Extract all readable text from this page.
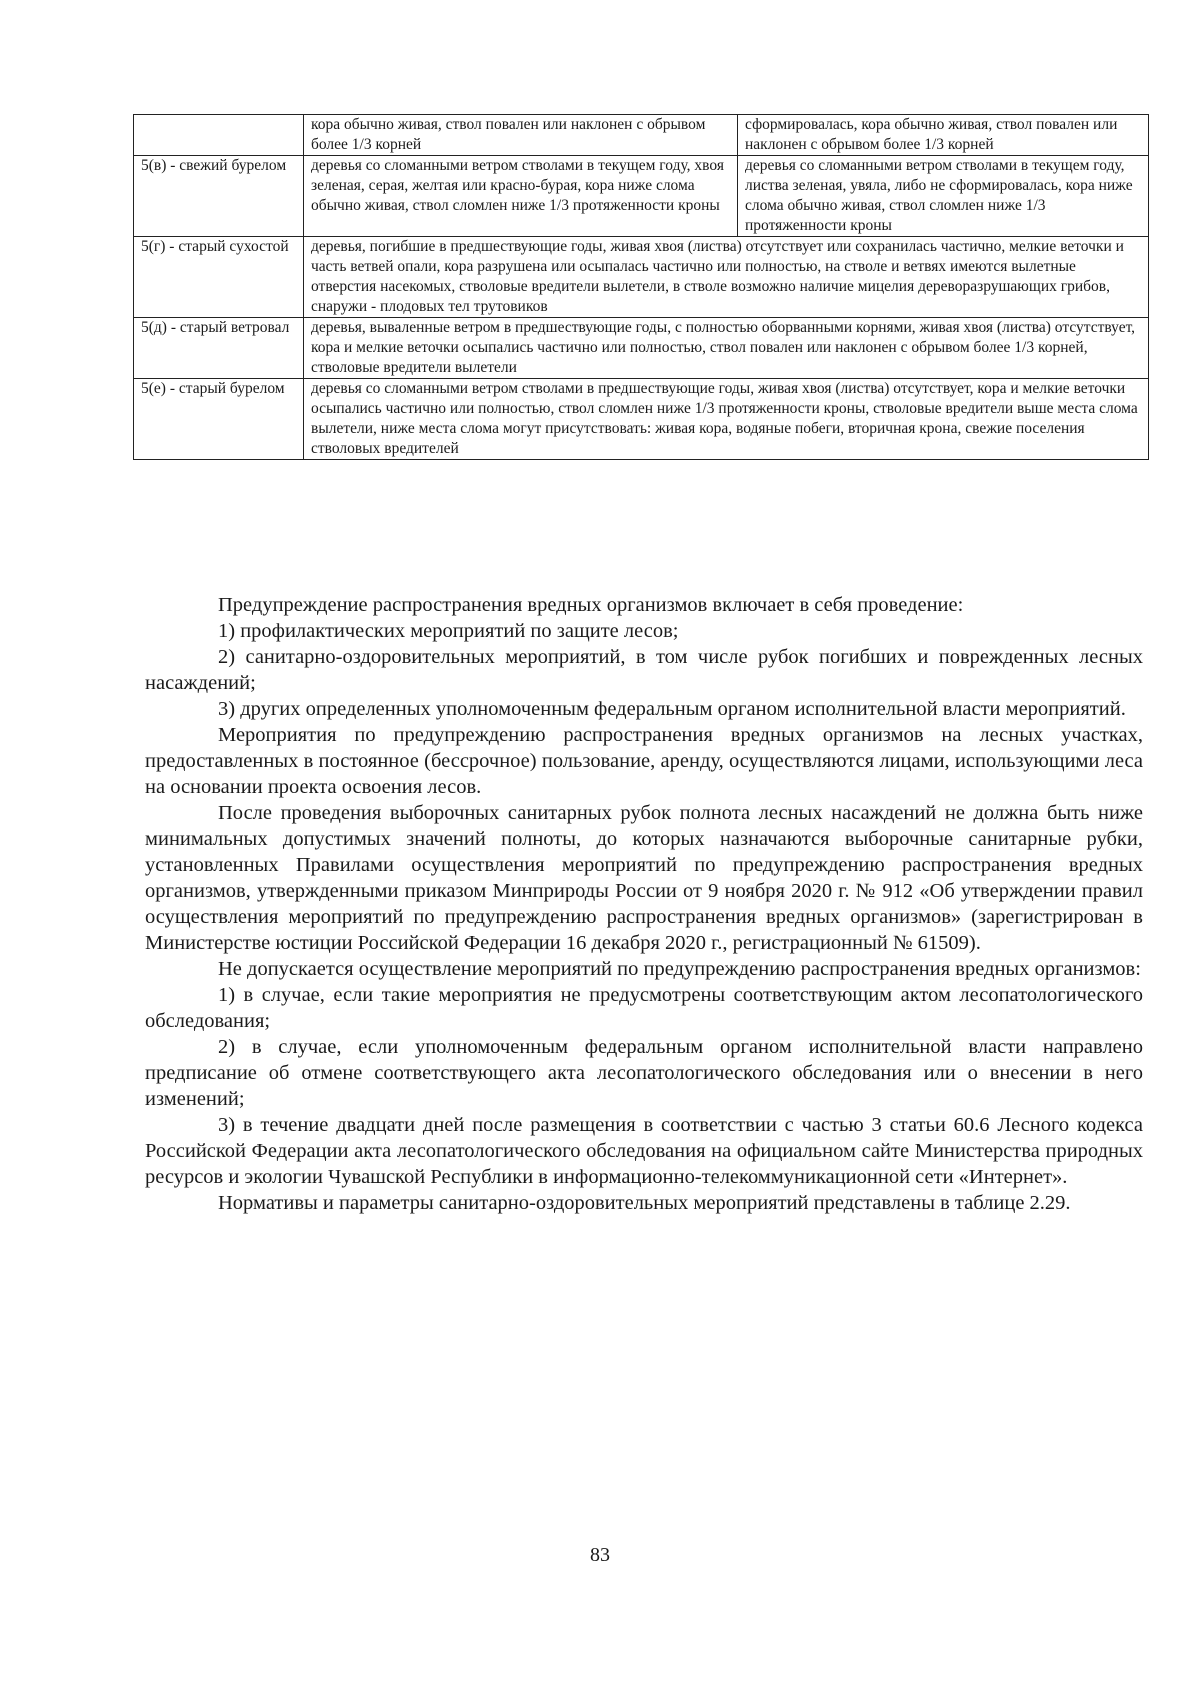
	кора обычно живая, ствол повален или наклонен с обрывом более 1/3 корней	сформировалась, кора обычно живая, ствол повален или наклонен с обрывом более 1/3 корней
5(в) - свежий бурелом	деревья со сломанными ветром стволами в текущем году, хвоя зеленая, серая, желтая или красно-бурая, кора ниже слома обычно живая, ствол сломлен ниже 1/3 протяженности кроны	деревья со сломанными ветром стволами в текущем году, листва зеленая, увяла, либо не сформировалась, кора ниже слома обычно живая, ствол сломлен ниже 1/3 протяженности кроны
5(г) - старый сухостой	деревья, погибшие в предшествующие годы, живая хвоя (листва) отсутствует или сохранилась частично, мелкие веточки и часть ветвей опали, кора разрушена или осыпалась частично или полностью, на стволе и ветвях имеются вылетные отверстия насекомых, стволовые вредители вылетели, в стволе возможно наличие мицелия дереворазрушающих грибов, снаружи - плодовых тел трутовиков	
5(д) - старый ветровал	деревья, вываленные ветром в предшествующие годы, с полностью оборванными корнями, живая хвоя (листва) отсутствует, кора и мелкие веточки осыпались частично или полностью, ствол повален или наклонен с обрывом более 1/3 корней, стволовые вредители вылетели	
5(е) - старый бурелом	деревья со сломанными ветром стволами в предшествующие годы, живая хвоя (листва) отсутствует, кора и мелкие веточки осыпались частично или полностью, ствол сломлен ниже 1/3 протяженности кроны, стволовые вредители выше места слома вылетели, ниже места слома могут присутствовать: живая кора, водяные побеги, вторичная крона, свежие поселения стволовых вредителей	

Предупреждение распространения вредных организмов включает в себя проведение:

1) профилактических мероприятий по защите лесов;

2) санитарно-оздоровительных мероприятий, в том числе рубок погибших и поврежденных лесных насаждений;

3) других определенных уполномоченным федеральным органом исполнительной власти мероприятий.

Мероприятия по предупреждению распространения вредных организмов на лесных участках, предоставленных в постоянное (бессрочное) пользование, аренду, осуществляются лицами, использующими леса на основании проекта освоения лесов.

После проведения выборочных санитарных рубок полнота лесных насаждений не должна быть ниже минимальных допустимых значений полноты, до которых назначаются выборочные санитарные рубки, установленных Правилами осуществления мероприятий по предупреждению распространения вредных организмов, утвержденными приказом Минприроды России от 9 ноября 2020 г. № 912 «Об утверждении правил осуществления мероприятий по предупреждению распространения вредных организмов» (зарегистрирован в Министерстве юстиции Российской Федерации 16 декабря 2020 г., регистрационный № 61509).

Не допускается осуществление мероприятий по предупреждению распространения вредных организмов:

1) в случае, если такие мероприятия не предусмотрены соответствующим актом лесопатологического обследования;

2) в случае, если уполномоченным федеральным органом исполнительной власти направлено предписание об отмене соответствующего акта лесопатологического обследования или о внесении в него изменений;

3) в течение двадцати дней после размещения в соответствии с частью 3 статьи 60.6 Лесного кодекса Российской Федерации акта лесопатологического обследования на официальном сайте Министерства природных ресурсов и экологии Чувашской Республики в информационно-телекоммуникационной сети «Интернет».

Нормативы и параметры санитарно-оздоровительных мероприятий представлены в таблице 2.29.

83
